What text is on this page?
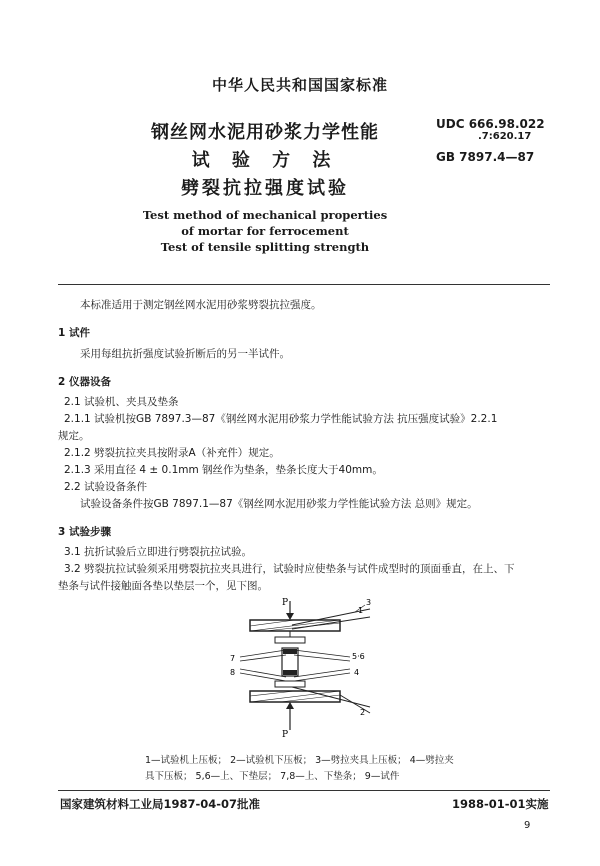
中华人民共和国国家标准
钢丝网水泥用砂浆力学性能
试 验 方 法
劈裂抗拉强度试验
UDC 666.98.022
.7:620.17
GB 7897.4—87
Test method of mechanical properties
of mortar for ferrocement
Test of tensile splitting strength
本标准适用于测定钢丝网水泥用砂浆劈裂抗拉强度。
1 试件
采用每组抗折强度试验折断后的另一半试件。
2 仪器设备
2.1 试验机、夹具及垫条
2.1.1 试验机按GB 7897.3—87《钢丝网水泥用砂浆力学性能试验方法 抗压强度试验》2.2.1
规定。
2.1.2 劈裂抗拉夹具按附录A（补充件）规定。
2.1.3 采用直径 4 ± 0.1mm 钢丝作为垫条，垫条长度大于40mm。
2.2 试验设备条件
试验设备条件按GB 7897.1—87《钢丝网水泥用砂浆力学性能试验方法 总则》规定。
3 试验步骤
3.1 抗折试验后立即进行劈裂抗拉试验。
3.2 劈裂抗拉试验须采用劈裂抗拉夹具进行，试验时应使垫条与试件成型时的顶面垂直，在上、下
垫条与试件接触面各垫以垫层一个，见下图。
P
P
1
3
7
8
5·6
4
2
1—试验机上压板； 2—试验机下压板； 3—劈拉夹具上压板； 4—劈拉夹
具下压板； 5,6—上、下垫层； 7,8—上、下垫条； 9—试件
国家建筑材料工业局1987-04-07批准	1988-01-01实施
9
